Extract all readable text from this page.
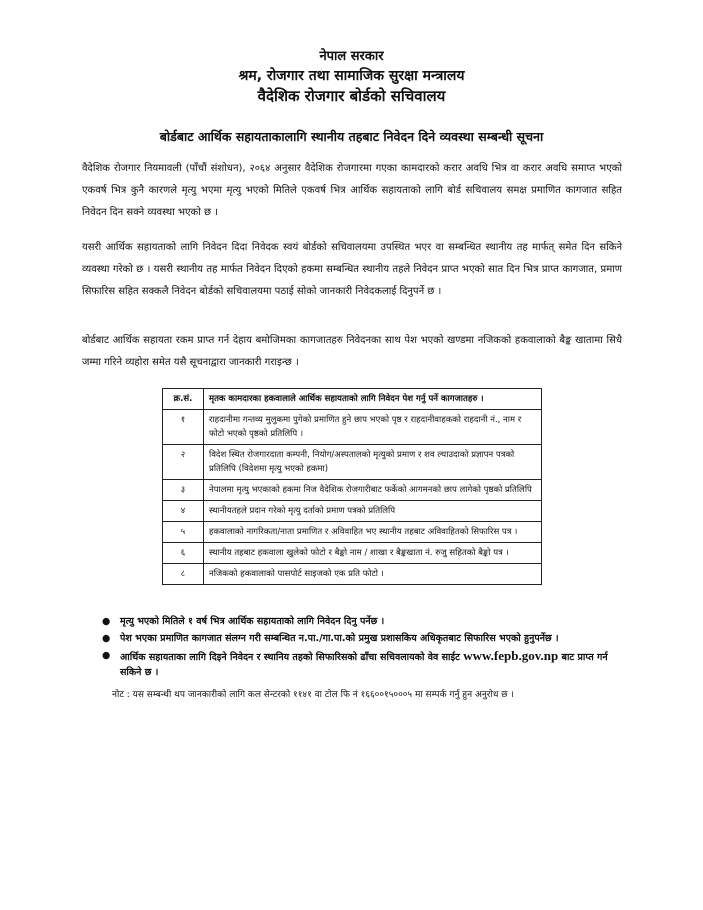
नेपाल सरकार
श्रम, रोजगार तथा सामाजिक सुरक्षा मन्त्रालय
वैदेशिक रोजगार बोर्डको सचिवालय
बोर्डबाट आर्थिक सहायताकालागि स्थानीय तहबाट निवेदन दिने व्यवस्था सम्बन्धी सूचना
वैदेशिक रोजगार नियमावली (पाँचौं संशोधन), २०६४ अनुसार वैदेशिक रोजगारमा गएका कामदारको करार अवधि भित्र वा करार अवधि समाप्त भएको एकवर्ष भित्र कुनै कारणले मृत्यु भएमा मृत्यु भएको मितिले एकवर्ष भित्र आर्थिक सहायताको लागि बोर्ड सचिवालय समक्ष प्रमाणित कागजात सहित निवेदन दिन सक्ने व्यवस्था भएको छ ।
यसरी आर्थिक सहायताको लागि निवेदन दिदा निवेदक स्वयं बोर्डको सचिवालयमा उपस्थित भएर वा सम्बन्धित स्थानीय तह मार्फत् समेत दिन सकिने व्यवस्था गरेको छ । यसरी स्थानीय तह मार्फत निवेदन दिएको हकमा सम्बन्धित स्थानीय तहले निवेदन प्राप्त भएको सात दिन भित्र प्राप्त कागजात, प्रमाण सिफारिस सहित सक्कलै निवेदन बोर्डको सचिवालयमा पठाई सोको जानकारी निवेदकलाई दिनुपर्ने छ ।
बोर्डबाट आर्थिक सहायता रकम प्राप्त गर्न देहाय बमोजिमका कागजातहरु निवेदनका साथ पेश भएको खण्डमा नजिकको हकवालाको बैङ्क खातामा सिधै जम्मा गरिने व्यहोरा समेत यसै सूचनाद्वारा जानकारी गराइन्छ ।
क्र.सं.	मृतक कामदारका हकवालाले आर्थिक सहायताको लागि निवेदन पेश गर्नु पर्ने कागजातहरु ।
१	राहदानीमा गन्तव्य मुलुकमा पुगेको प्रमाणित हुने छाप भएको पृष्ठ र राहदानीवाहकको राहदानी नं., नाम र फोटो भएको पृष्ठको प्रतिलिपि ।
२	विदेश स्थित रोजगारदाता कम्पनी, नियोग/अस्पतालको मृत्युको प्रमाण र शव ल्याउदाको प्रज्ञापन पत्रको प्रतिलिपि (विदेशमा मृत्यु भएको हकमा)
३	नेपालमा मृत्यु भएकाको हकमा निज वैदेशिक रोजगारीबाट फर्केको आगमनको छाप लागेको पृष्ठको प्रतिलिपि
४	स्थानीयतहले प्रदान गरेको मृत्यु दर्ताको प्रमाण पत्रको प्रतिलिपि
५	हकवालाको नागरिकता/नाता प्रमाणित र अविवाहित भए स्थानीय तहबाट अविवाहितको सिफारिस पत्र ।
६	स्थानीय तहबाट हकवाला खुलेको फोटो र बैङ्को नाम / शाखा र बैङ्कखाता नं. रुजु सहितको बैङ्को पत्र ।
८	नजिकको हकवालाको पासपोर्ट साइजको एक प्रति फोटो ।
● मृत्यु भएको मितिले १ वर्ष भित्र आर्थिक सहायताको लागि निवेदन दिनु पर्नेछ ।
● पेश भएका प्रमाणित कागजात संलग्न गरी सम्बन्धित न.पा./गा.पा.को प्रमुख प्रशासकिय अधिकृतबाट सिफारिस भएको हुनुपर्नेछ ।
● आर्थिक सहायताका लागि दिइने निवेदन र स्थानिय तहको सिफारिसको ढाँचा सचिवलायको वेव साईट www.fepb.gov.np बाट प्राप्त गर्न सकिने छ ।
नोट : यस सम्बन्धी थप जानकारीको लागि कल सेन्टरको ११४१ वा टोल फि नं १६६००१५०००५ मा सम्पर्क गर्नु हुन अनुरोध छ ।
